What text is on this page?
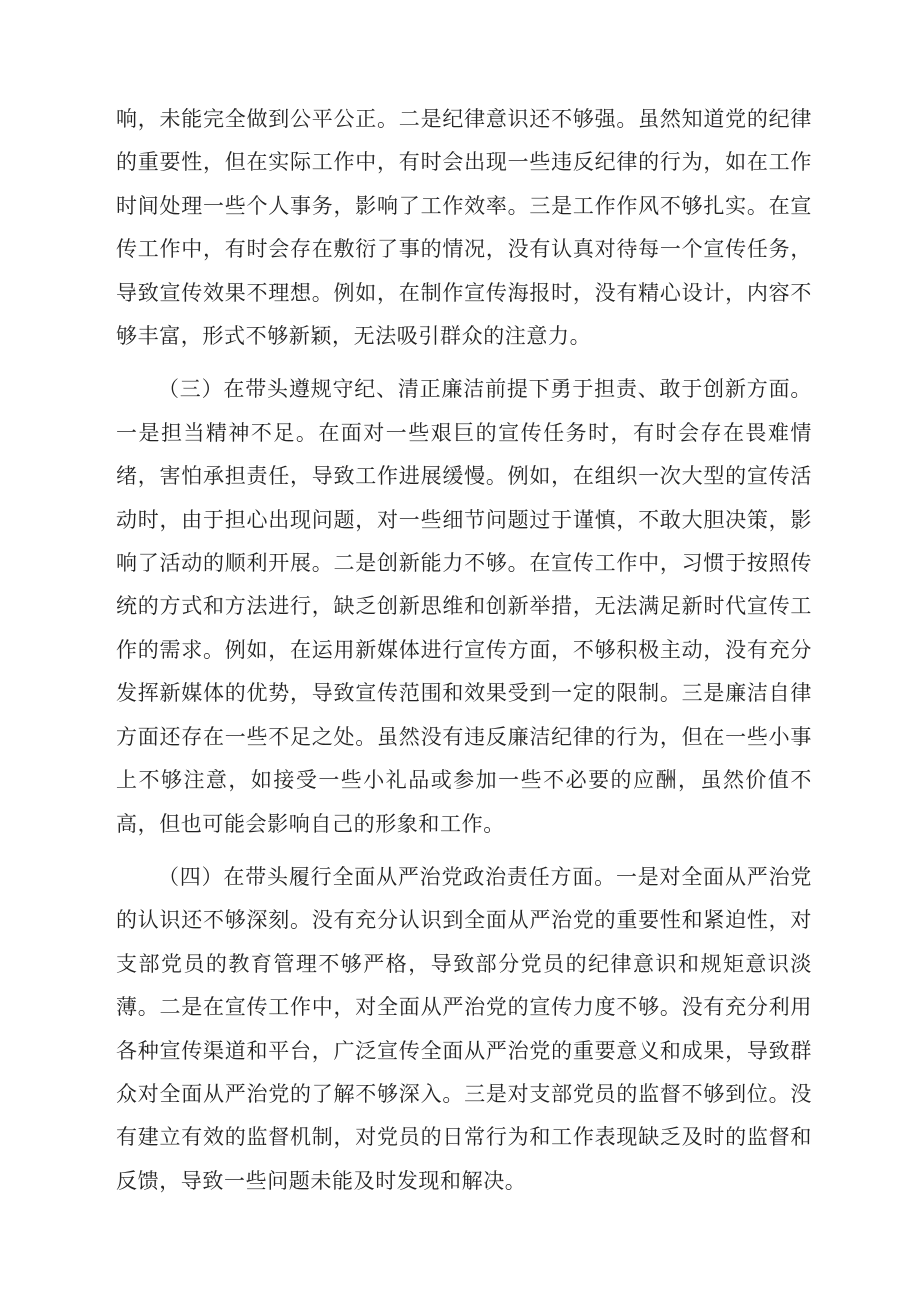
响，未能完全做到公平公正。二是纪律意识还不够强。虽然知道党的纪律的重要性，但在实际工作中，有时会出现一些违反纪律的行为，如在工作时间处理一些个人事务，影响了工作效率。三是工作作风不够扎实。在宣传工作中，有时会存在敷衍了事的情况，没有认真对待每一个宣传任务，导致宣传效果不理想。例如，在制作宣传海报时，没有精心设计，内容不够丰富，形式不够新颖，无法吸引群众的注意力。

（三）在带头遵规守纪、清正廉洁前提下勇于担责、敢于创新方面。一是担当精神不足。在面对一些艰巨的宣传任务时，有时会存在畏难情绪，害怕承担责任，导致工作进展缓慢。例如，在组织一次大型的宣传活动时，由于担心出现问题，对一些细节问题过于谨慎，不敢大胆决策，影响了活动的顺利开展。二是创新能力不够。在宣传工作中，习惯于按照传统的方式和方法进行，缺乏创新思维和创新举措，无法满足新时代宣传工作的需求。例如，在运用新媒体进行宣传方面，不够积极主动，没有充分发挥新媒体的优势，导致宣传范围和效果受到一定的限制。三是廉洁自律方面还存在一些不足之处。虽然没有违反廉洁纪律的行为，但在一些小事上不够注意，如接受一些小礼品或参加一些不必要的应酬，虽然价值不高，但也可能会影响自己的形象和工作。

（四）在带头履行全面从严治党政治责任方面。一是对全面从严治党的认识还不够深刻。没有充分认识到全面从严治党的重要性和紧迫性，对支部党员的教育管理不够严格，导致部分党员的纪律意识和规矩意识淡薄。二是在宣传工作中，对全面从严治党的宣传力度不够。没有充分利用各种宣传渠道和平台，广泛宣传全面从严治党的重要意义和成果，导致群众对全面从严治党的了解不够深入。三是对支部党员的监督不够到位。没有建立有效的监督机制，对党员的日常行为和工作表现缺乏及时的监督和反馈，导致一些问题未能及时发现和解决。
